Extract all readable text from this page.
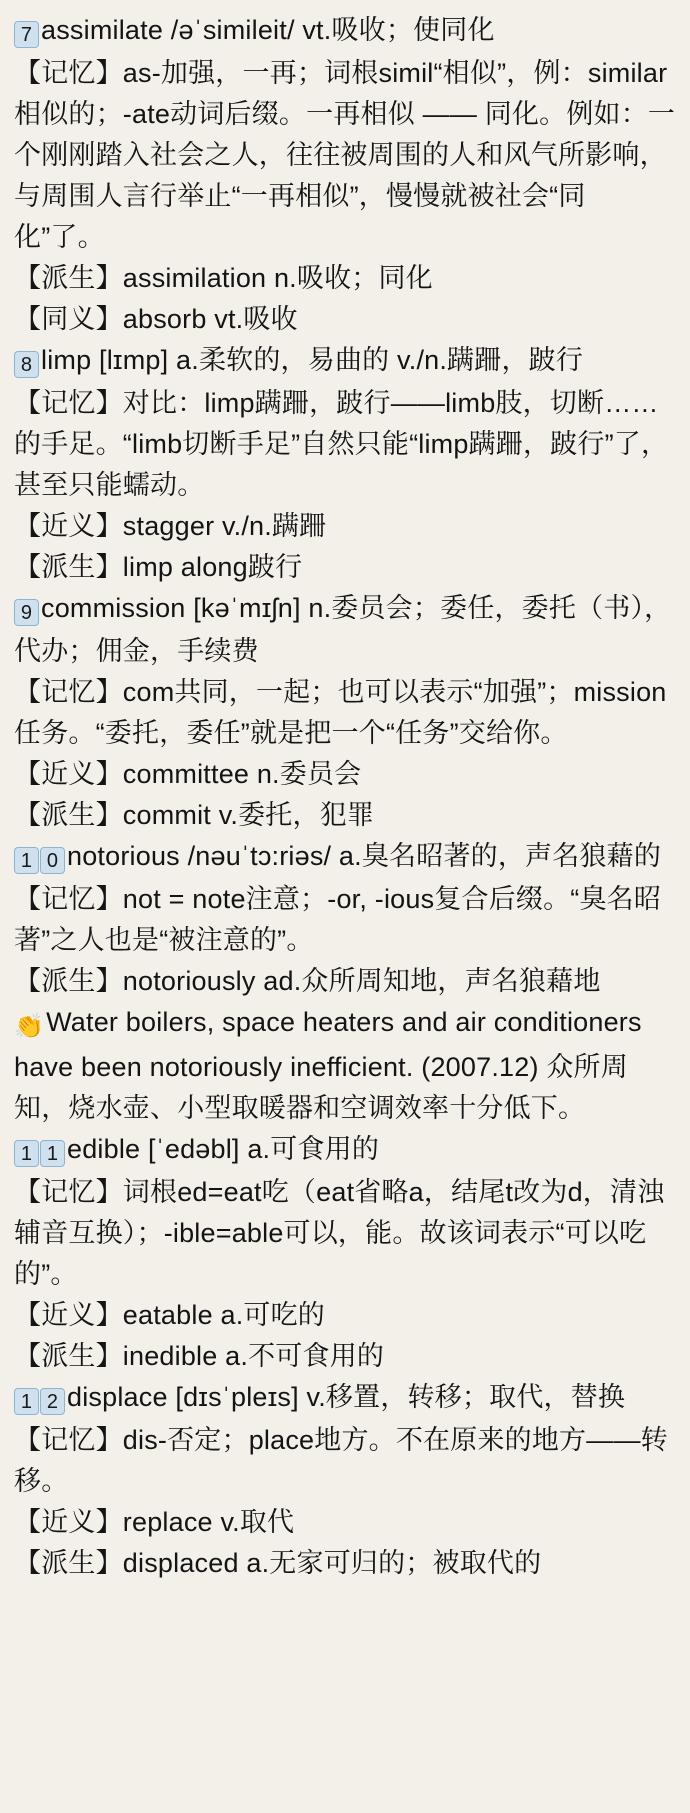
7 assimilate /əˈsimileit/ vt.吸收；使同化
【记忆】as-加强，一再；词根simil“相似”，例：similar相似的；-ate动词后缀。一再相似 —— 同化。例如：一个刚刚踏入社会之人，往往被周围的人和风气所影响，与周围人言行举止“一再相似”，慢慢就被社会“同化”了。
【派生】assimilation n.吸收；同化
【同义】absorb vt.吸收
8 limp [lɪmp] a.柔软的，易曲的 v./n.蹒跚，跛行
【记忆】对比：limp蹒跚，跛行——limb肢，切断……的手足。“limb切断手足”自然只能“limp蹒跚，跛行”了，甚至只能蠕动。
【近义】stagger v./n.蹒跚
【派生】limp along跛行
9 commission [kəˈmɪʃn] n.委员会；委任，委托（书），代办；佣金，手续费
【记忆】com共同，一起；也可以表示“加强”；mission任务。“委托，委任”就是把一个“任务”交给你。
【近义】committee n.委员会
【派生】commit v.委托，犯罪
1 0 notorious /nəuˈtɔ:riəs/ a.臭名昭著的，声名狼藉的
【记忆】not = note注意；-or, -ious复合后缀。“臭名昭著”之人也是“被注意的”。
【派生】notoriously ad.众所周知地，声名狼藉地
👏Water boilers, space heaters and air conditioners have been notoriously inefficient. (2007.12) 众所周知，烧水壶、小型取暖器和空调效率十分低下。
1 1 edible [ˈedəbl] a.可食用的
【记忆】词根ed=eat吃（eat省略a，结尾t改为d，清浊辅音互换）；-ible=able可以，能。故该词表示“可以吃的”。
【近义】eatable a.可吃的
【派生】inedible a.不可食用的
1 2 displace [dɪsˈpleɪs] v.移置，转移；取代，替换
【记忆】dis-否定；place地方。不在原来的地方——转移。
【近义】replace v.取代
【派生】displaced a.无家可归的；被取代的
